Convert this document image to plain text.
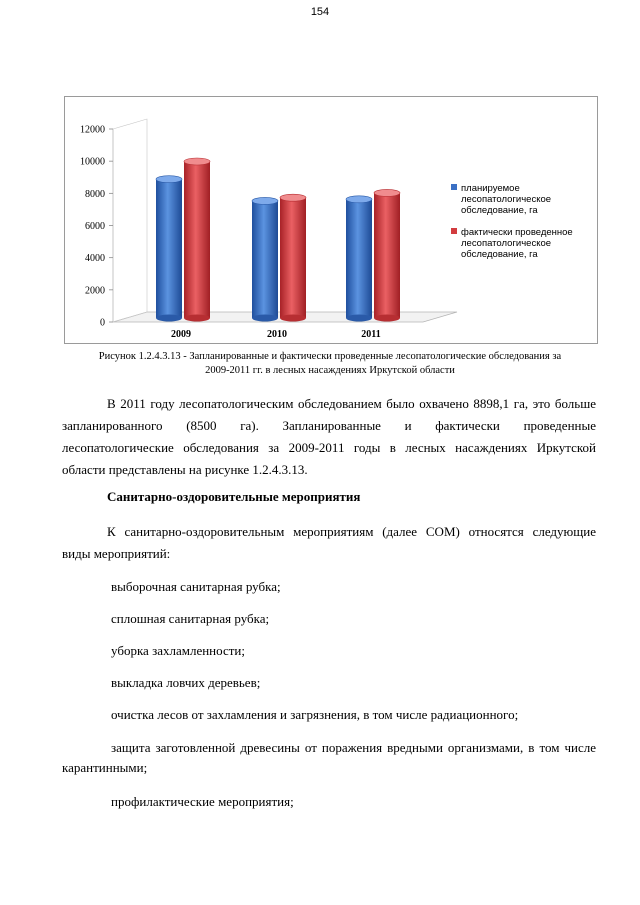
154
0
2000
4000
6000
8000
10000
12000
2009	2010	2011
планируемое
лесопатологическое
обследование, га
фактически проведенное
лесопатологическое
обследование, га
Рисунок 1.2.4.3.13 - Запланированные и фактически проведенные лесопатологические обследования за
2009-2011 гг. в лесных насаждениях Иркутской области
В 2011 году лесопатологическим обследованием было охвачено 8898,1 га, это больше
запланированного (8500 га). Запланированные и фактически проведенные
лесопатологические обследования за 2009-2011 годы в лесных насаждениях Иркутской
области представлены на рисунке 1.2.4.3.13.
Санитарно-оздоровительные мероприятия
К санитарно-оздоровительным мероприятиям (далее СОМ) относятся следующие
виды мероприятий:
выборочная санитарная рубка;
сплошная санитарная рубка;
уборка захламленности;
выкладка ловчих деревьев;
очистка лесов от захламления и загрязнения, в том числе радиационного;
защита заготовленной древесины от поражения вредными организмами, в том числе карантинными;
профилактические мероприятия;
